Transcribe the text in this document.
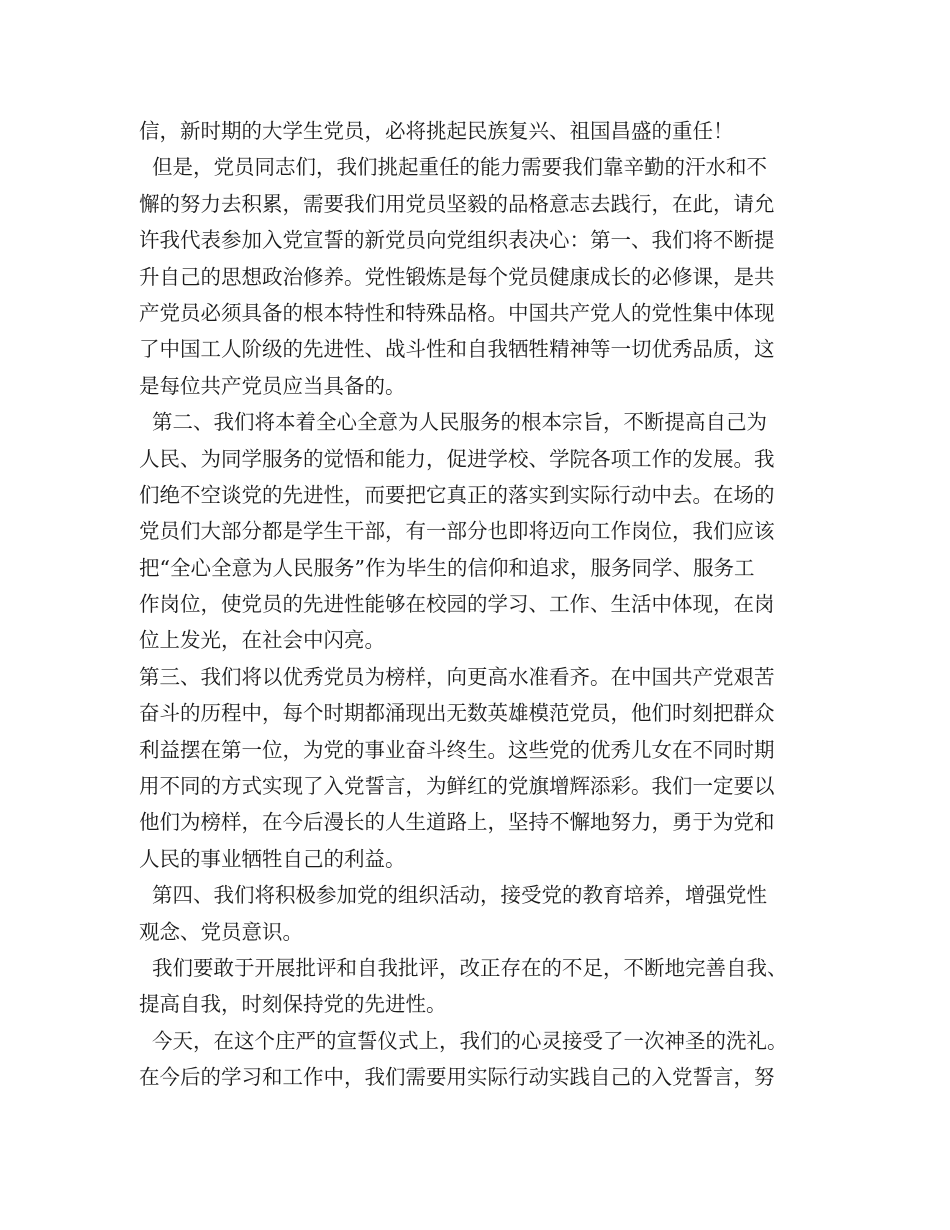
信，新时期的大学生党员，必将挑起民族复兴、祖国昌盛的重任！
但是，党员同志们，我们挑起重任的能力需要我们靠辛勤的汗水和不
懈的努力去积累，需要我们用党员坚毅的品格意志去践行，在此，请允
许我代表参加入党宣誓的新党员向党组织表决心：第一、我们将不断提
升自己的思想政治修养。党性锻炼是每个党员健康成长的必修课，是共
产党员必须具备的根本特性和特殊品格。中国共产党人的党性集中体现
了中国工人阶级的先进性、战斗性和自我牺牲精神等一切优秀品质，这
是每位共产党员应当具备的。
第二、我们将本着全心全意为人民服务的根本宗旨，不断提高自己为
人民、为同学服务的觉悟和能力，促进学校、学院各项工作的发展。我
们绝不空谈党的先进性，而要把它真正的落实到实际行动中去。在场的
党员们大部分都是学生干部，有一部分也即将迈向工作岗位，我们应该
把“全心全意为人民服务”作为毕生的信仰和追求，服务同学、服务工
作岗位，使党员的先进性能够在校园的学习、工作、生活中体现，在岗
位上发光，在社会中闪亮。
第三、我们将以优秀党员为榜样，向更高水准看齐。在中国共产党艰苦
奋斗的历程中，每个时期都涌现出无数英雄模范党员，他们时刻把群众
利益摆在第一位，为党的事业奋斗终生。这些党的优秀儿女在不同时期
用不同的方式实现了入党誓言，为鲜红的党旗增辉添彩。我们一定要以
他们为榜样，在今后漫长的人生道路上，坚持不懈地努力，勇于为党和
人民的事业牺牲自己的利益。
第四、我们将积极参加党的组织活动，接受党的教育培养，增强党性
观念、党员意识。
我们要敢于开展批评和自我批评，改正存在的不足，不断地完善自我、
提高自我，时刻保持党的先进性。
今天，在这个庄严的宣誓仪式上，我们的心灵接受了一次神圣的洗礼。
在今后的学习和工作中，我们需要用实际行动实践自己的入党誓言，努
